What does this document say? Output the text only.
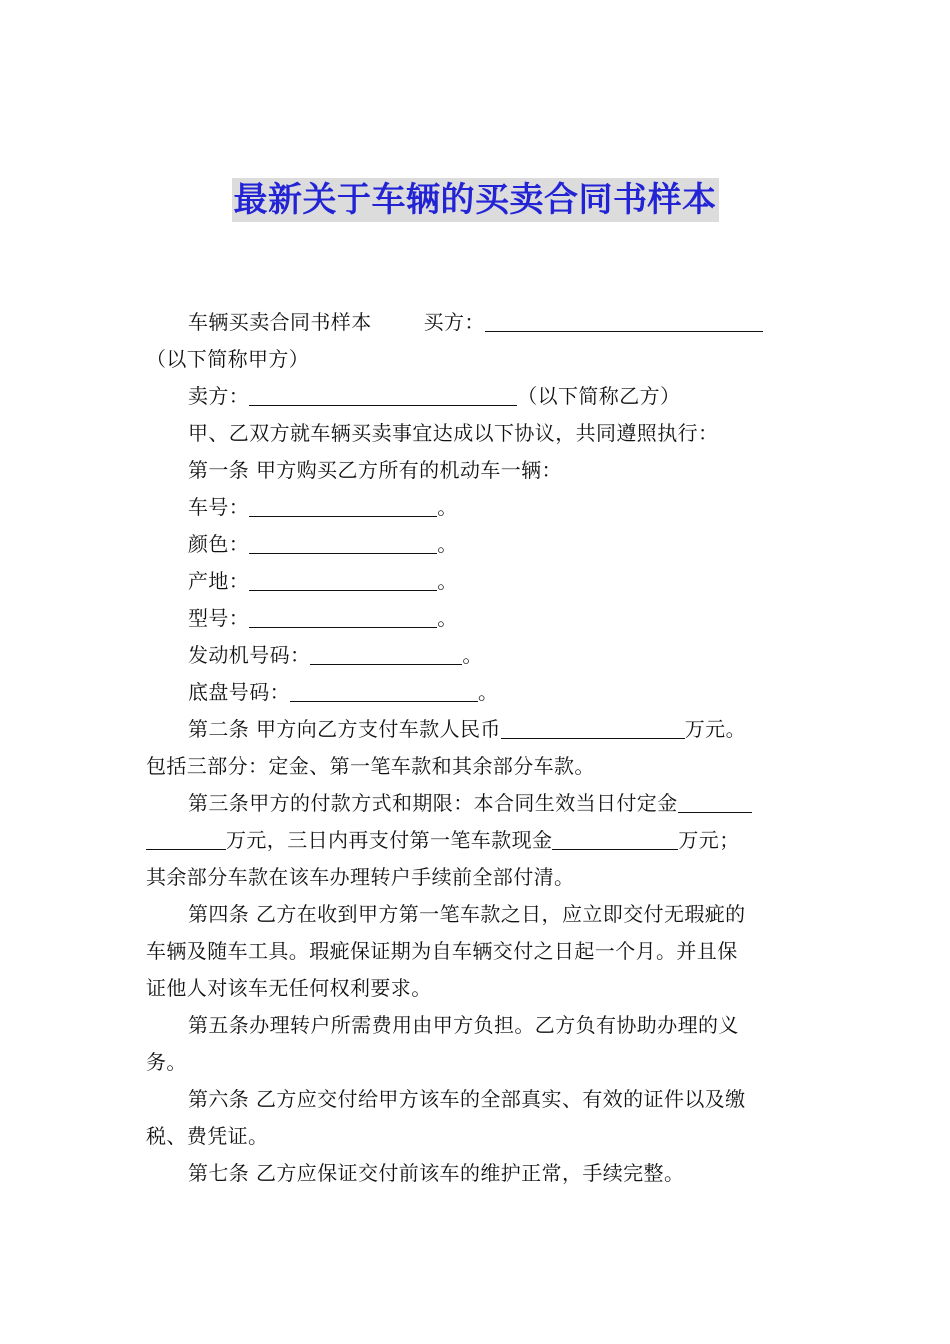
最新关于车辆的买卖合同书样本

车辆买卖合同书样本	买方：

（以下简称甲方）

卖方：	（以下简称乙方）

甲、乙双方就车辆买卖事宜达成以下协议，共同遵照执行：

第一条 甲方购买乙方所有的机动车一辆：

车号：	。

颜色：	。

产地：	。

型号：	。

发动机号码：	。

底盘号码：	。

第二条 甲方向乙方支付车款人民币	万元。

包括三部分：定金、第一笔车款和其余部分车款。

第三条甲方的付款方式和期限：本合同生效当日付定金

万元，三日内再支付第一笔车款现金	万元；

其余部分车款在该车办理转户手续前全部付清。

第四条 乙方在收到甲方第一笔车款之日，应立即交付无瑕疵的

车辆及随车工具。瑕疵保证期为自车辆交付之日起一个月。并且保

证他人对该车无任何权利要求。

第五条办理转户所需费用由甲方负担。乙方负有协助办理的义

务。

第六条 乙方应交付给甲方该车的全部真实、有效的证件以及缴

税、费凭证。

第七条 乙方应保证交付前该车的维护正常，手续完整。
